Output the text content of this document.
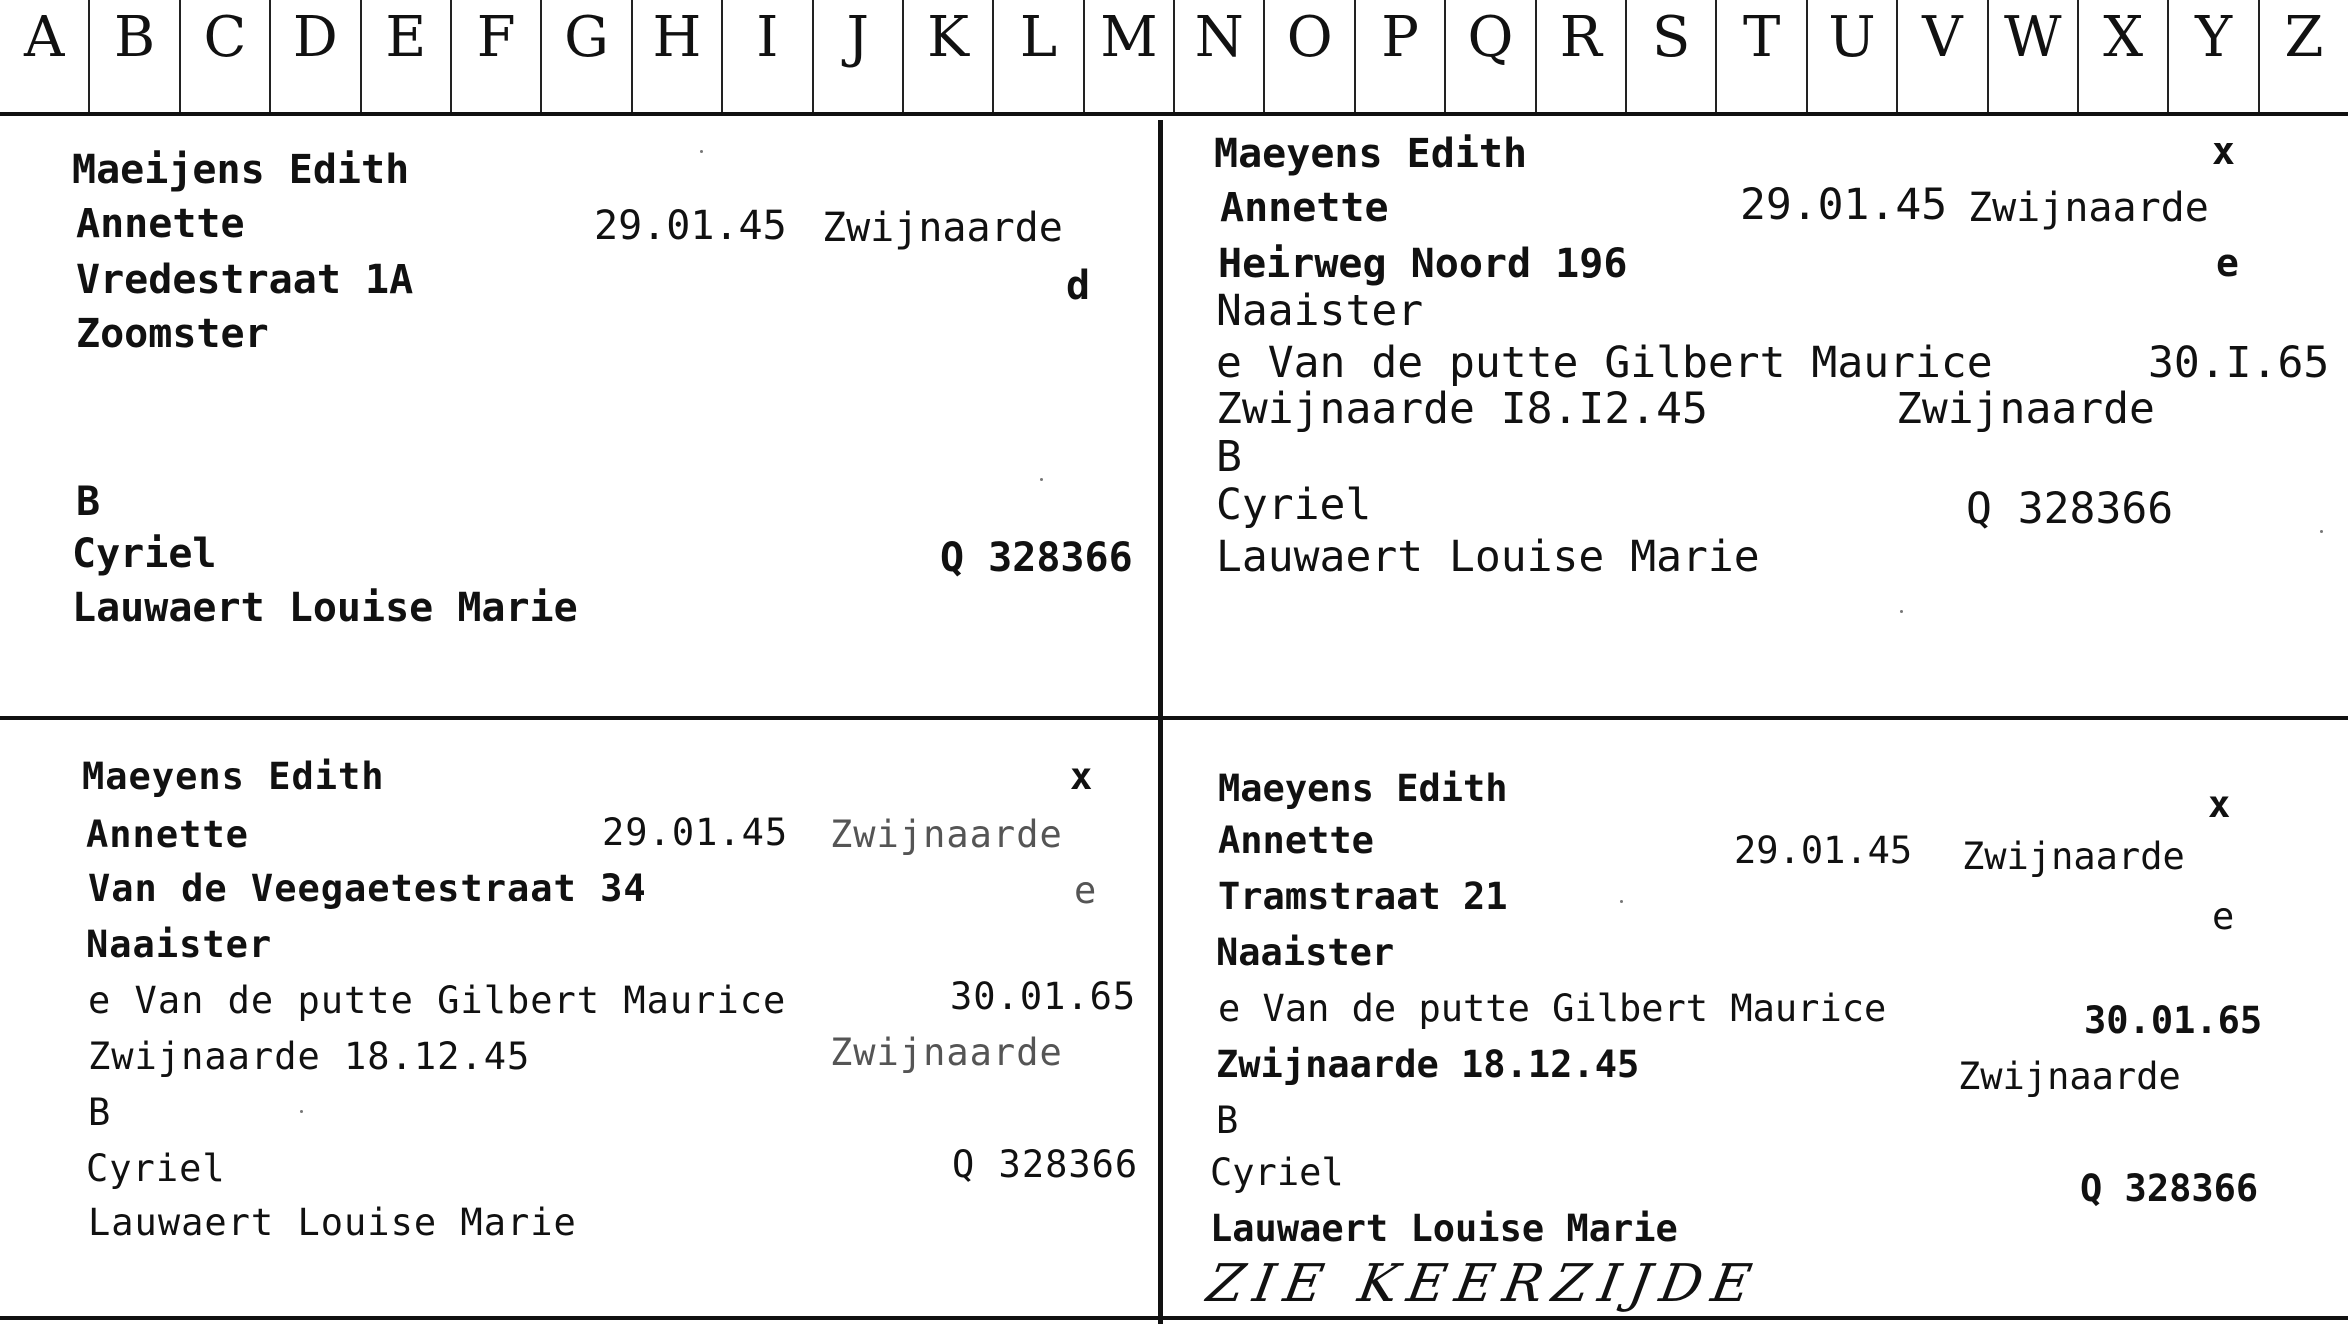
A B C D E F G H I	J	K L M N O P Q R S T U V W X Y Z
Maeijens Edith
Annette	29.01.45 Zwijnaarde
Vredestraat 1A	d
Zoomster
B
Cyriel	Q 328366
Lauwaert Louise Marie
Maeyens Edith	x
Annette	29.01.45 Zwijnaarde
Heirweg Noord 196	e
Naaister
e Van de putte Gilbert Maurice	30.I.65
Zwijnaarde I8.I2.45	Zwijnaarde
B
Cyriel	Q 328366
Lauwaert Louise Marie
Maeyens Edith	x
Annette	29.01.45 Zwijnaarde
Van de Veegaetestraat 34	e
Naaister
e Van de putte Gilbert Maurice	30.01.65
Zwijnaarde 18.12.45	Zwijnaarde
B
Cyriel	Q 328366
Lauwaert Louise Marie
Maeyens Edith	x
Annette	29.01.45 Zwijnaarde
Tramstraat 21	e
Naaister
e Van de putte Gilbert Maurice	30.01.65
Zwijnaarde 18.12.45	Zwijnaarde
B
Cyriel	Q 328366
Lauwaert Louise Marie
ZIE KEERZIJDE
